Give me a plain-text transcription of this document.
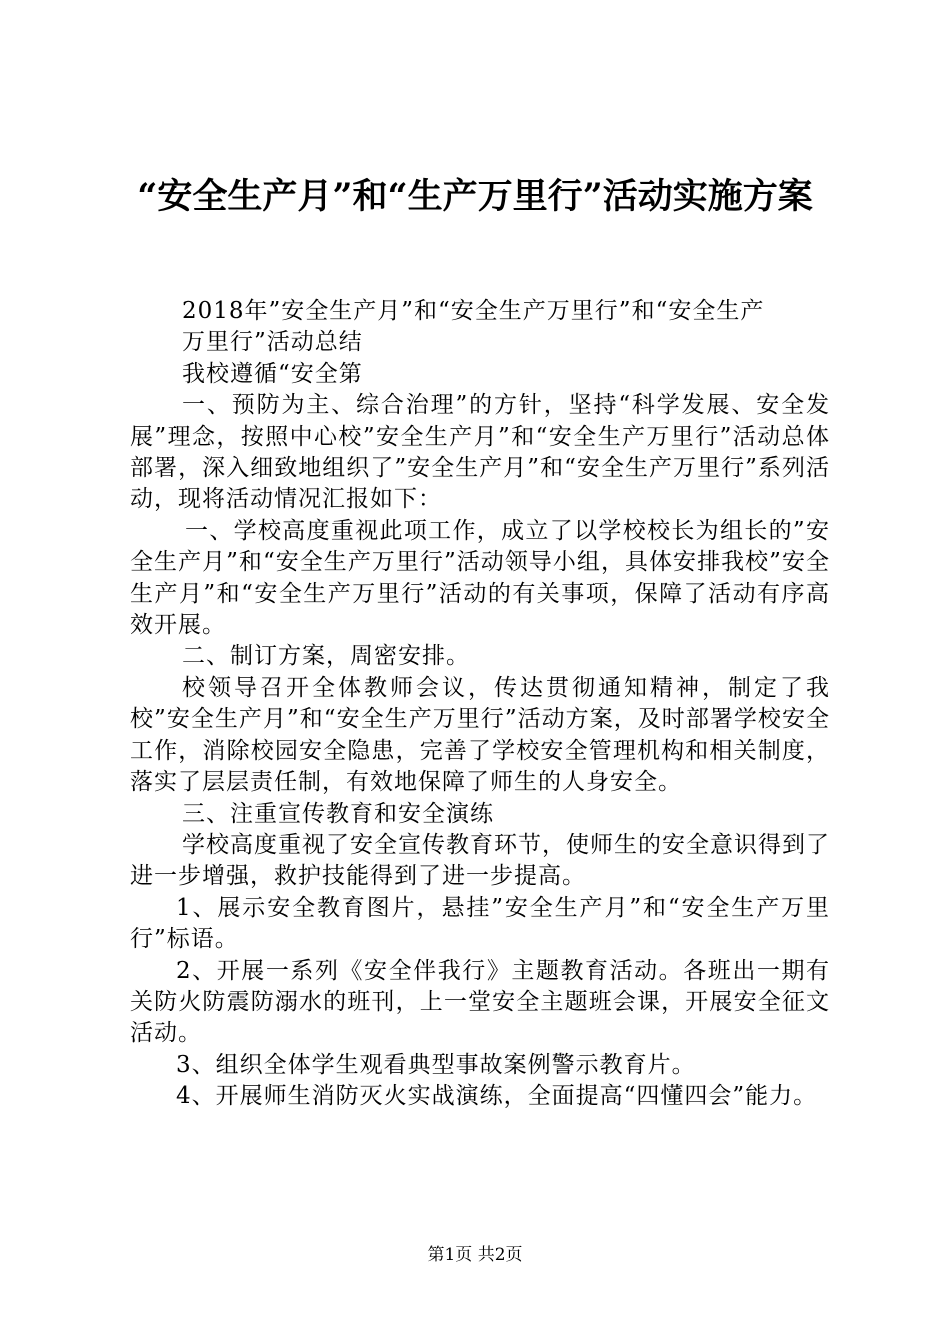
“安全生产月”和“生产万里行”活动实施方案

2018年”安全生产月”和“安全生产万里行”和“安全生产

万里行”活动总结

我校遵循“安全第

一、预防为主、综合治理”的方针，坚持“科学发展、安全发展”理念，按照中心校”安全生产月”和“安全生产万里行”活动总体部署，深入细致地组织了”安全生产月”和“安全生产万里行”系列活动，现将活动情况汇报如下：

一、学校高度重视此项工作，成立了以学校校长为组长的”安全生产月”和“安全生产万里行”活动领导小组，具体安排我校”安全生产月”和“安全生产万里行”活动的有关事项，保障了活动有序高效开展。

二、制订方案，周密安排。

校领导召开全体教师会议，传达贯彻通知精神，制定了我校”安全生产月”和“安全生产万里行”活动方案，及时部署学校安全工作，消除校园安全隐患，完善了学校安全管理机构和相关制度，落实了层层责任制，有效地保障了师生的人身安全。

三、注重宣传教育和安全演练

学校高度重视了安全宣传教育环节，使师生的安全意识得到了进一步增强，救护技能得到了进一步提高。

1、展示安全教育图片，悬挂”安全生产月”和“安全生产万里行”标语。

2、开展一系列《安全伴我行》主题教育活动。各班出一期有关防火防震防溺水的班刊，上一堂安全主题班会课，开展安全征文活动。

3、组织全体学生观看典型事故案例警示教育片。

4、开展师生消防灭火实战演练，全面提高“四懂四会”能力。

第1页 共2页
